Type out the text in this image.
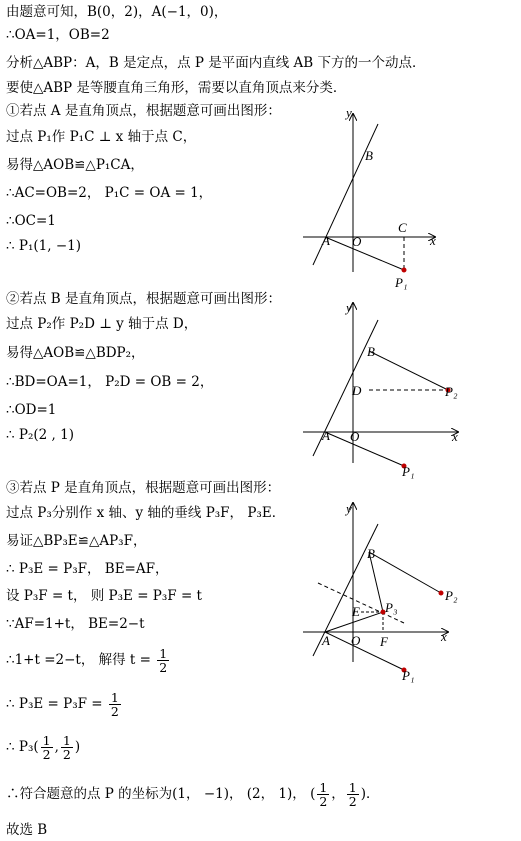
由题意可知，B(0，2)，A(−1，0)，
∴OA=1，OB=2
分析△ABP：A，B 是定点，点 P 是平面内直线 AB 下方的一个动点．
要使△ABP 是等腰直角三角形，需要以直角顶点来分类．
①若点 A 是直角顶点，根据题意可画出图形：
过点 P₁作 P₁C ⊥ x 轴于点 C，
易得△AOB≌△P₁CA，
∴AC=OB=2， P₁C = OA = 1，
∴OC=1
∴ P₁(1, −1)
②若点 B 是直角顶点，根据题意可画出图形：
过点 P₂作 P₂D ⊥ y 轴于点 D，
易得△AOB≌△BDP₂，
∴BD=OA=1， P₂D = OB = 2，
∴OD=1
∴ P₂(2 , 1)
③若点 P 是直角顶点，根据题意可画出图形：
过点 P₃分别作 x 轴、y 轴的垂线 P₃F， P₃E．
易证△BP₃E≌△AP₃F，
∴ P₃E = P₃F， BE=AF，
设 P₃F = t， 则 P₃E = P₃F = t
∵AF=1+t， BE=2−t
∴1+t =2−t， 解得 $t = \frac{1}{2}$
∴ $P_3E = P_3F = \frac{1}{2}$
∴ $P_3( \frac{1}{2}$ , $\frac{1}{2}$ )
∴符合题意的点 P 的坐标为(1， −1)， (2， 1)， ( $\frac{1}{2}$ ， $\frac{1}{2}$ )．
故选 B
y
x
B
C
A O
P₁
y
x
B
D	P₂
A O
P₁
y
x
B
P₂
E P₃
A O F
P₁
